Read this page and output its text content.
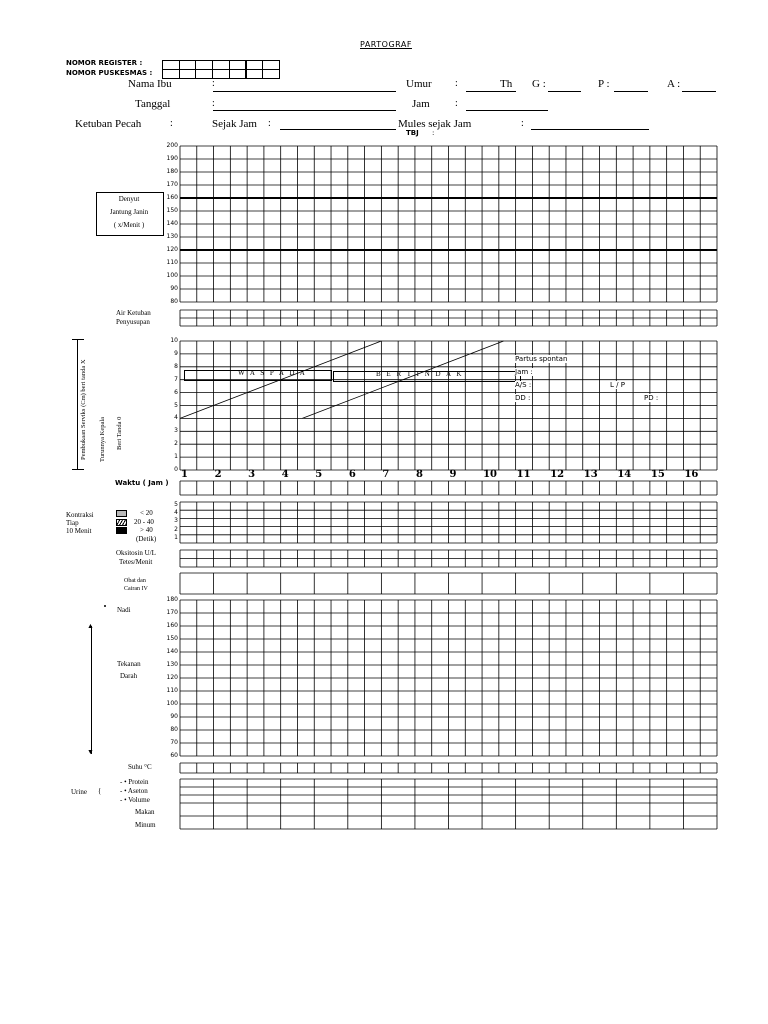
PARTOGRAF
NOMOR REGISTER :
NOMOR PUSKESMAS :
Nama Ibu	:	Umur :	Th G :	P :	A :
Tanggal	:	Jam	:
Ketuban Pecah	:	Sejak Jam :	Mules sejak Jam	:
TBJ :
Denyut
Jantung Janin
( x/Menit )
200
190
180
170
160
150
140
130
120
110
100
90
80
Air Ketuban
Penyusupan
Pembukaan Serviks (Cm) beri tanda X Turunnya Kepala Beri Tanda 0
10
9
8
7
6
5
4
3
2
1
0
Waktu ( Jam )
Kontraksi
Tiap
10 Menit
< 20
20 - 40
> 40
(Detik)
5
4
3
2
1
Oksitosin U/L
Tetes/Menit
Obat dan
Cairan IV
Nadi
Tekanan
Darah
▲
▼
180
170
160
150
140
130
120
110
100
90
80
70
60
Suhu °C
Urine {
- • Protein
- • Aseton
- • Volume
Makan
Minum
W A S P A D A	B E R T I N D A K
Partus spontan
Jam :
A/S :	L / P
DD :	PD :
1	2	3	4	5	6	7	8	9	10 11 12 13 14 15 16
